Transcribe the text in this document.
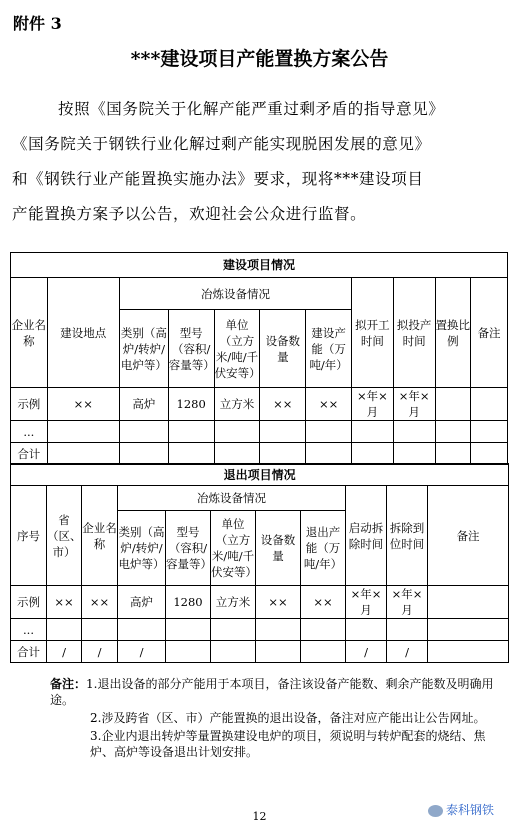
附件 3
***建设项目产能置换方案公告
按照《国务院关于化解产能严重过剩矛盾的指导意见》
《国务院关于钢铁行业化解过剩产能实现脱困发展的意见》
和《钢铁行业产能置换实施办法》要求，现将***建设项目
产能置换方案予以公告，欢迎社会公众进行监督。
建设项目情况										
企业名称	建设地点	冶炼设备情况					拟开工时间	拟投产时间	置换比例	备注
		类别（高炉/转炉/电炉等）	型号（容积/容量等）	单位（立方米/吨/千伏安等）	设备数量	建设产能（万吨/年）				
示例	××	高炉	1280	立方米	××	××	×年×月	×年×月		
...										
合计										
退出项目情况										
序号	省（区、市）	企业名称	冶炼设备情况					启动拆除时间	拆除到位时间	备注
			类别（高炉/转炉/电炉等）	型号（容积/容量等）	单位（立方米/吨/千伏安等）	设备数量	退出产能（万吨/年）			
示例	××	××	高炉	1280	立方米	××	××	×年×月	×年×月	
...										
合计	/	/	/					/	/	
备注：1.退出设备的部分产能用于本项目，备注该设备产能数、剩余产能数及明确用途。
2.涉及跨省（区、市）产能置换的退出设备，备注对应产能出让公告网址。
3.企业内退出转炉等量置换建设电炉的项目，须说明与转炉配套的烧结、焦炉、高炉等设备退出计划安排。
12	泰科钢铁
